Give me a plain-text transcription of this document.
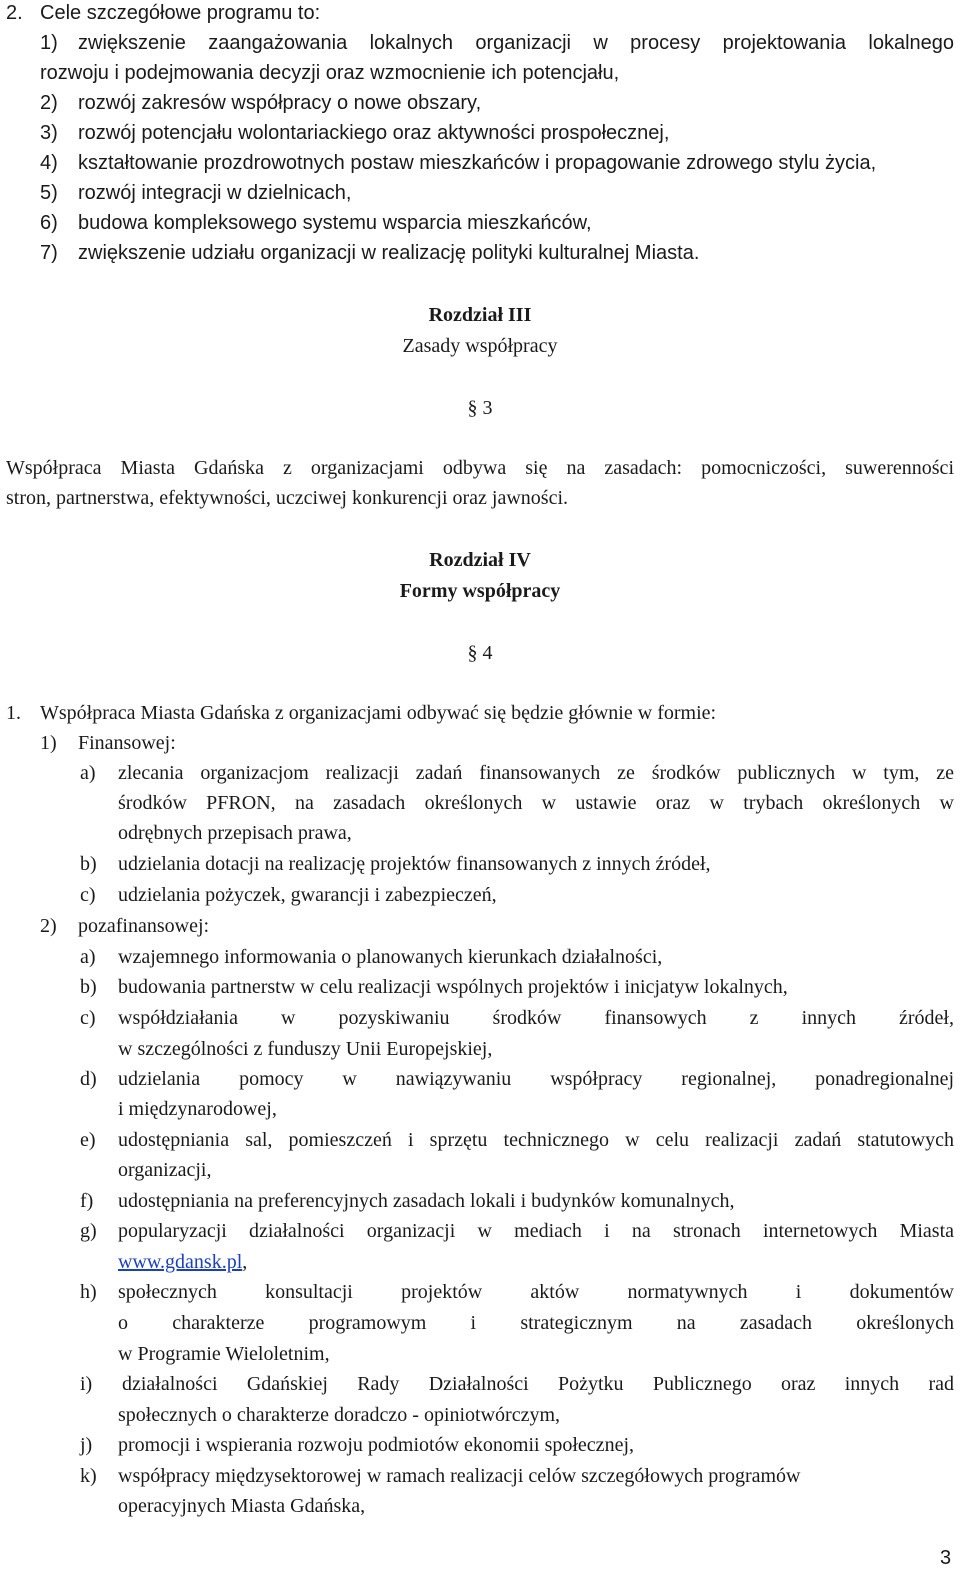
2. Cele szczegółowe programu to:
1) zwiększenie zaangażowania lokalnych organizacji w procesy projektowania lokalnego
rozwoju i podejmowania decyzji oraz wzmocnienie ich potencjału,
2) rozwój zakresów współpracy o nowe obszary,
3) rozwój potencjału wolontariackiego oraz aktywności prospołecznej,
4) kształtowanie prozdrowotnych postaw mieszkańców i propagowanie zdrowego stylu życia,
5) rozwój integracji w dzielnicach,
6) budowa kompleksowego systemu wsparcia mieszkańców,
7) zwiększenie udziału organizacji w realizację polityki kulturalnej Miasta.
Rozdział III
Zasady współpracy
§ 3
Współpraca Miasta Gdańska z organizacjami odbywa się na zasadach: pomocniczości, suwerenności
stron, partnerstwa, efektywności, uczciwej konkurencji oraz jawności.
Rozdział IV
Formy współpracy
§ 4
1. Współpraca Miasta Gdańska z organizacjami odbywać się będzie głównie w formie:
1) Finansowej:
a) zlecania organizacjom realizacji zadań finansowanych ze środków publicznych w tym, ze
środków PFRON, na zasadach określonych w ustawie oraz w trybach określonych w
odrębnych przepisach prawa,
b) udzielania dotacji na realizację projektów finansowanych z innych źródeł,
c) udzielania pożyczek, gwarancji i zabezpieczeń,
2) pozafinansowej:
a) wzajemnego informowania o planowanych kierunkach działalności,
b) budowania partnerstw w celu realizacji wspólnych projektów i inicjatyw lokalnych,
c) współdziałania w pozyskiwaniu środków finansowych z innych źródeł,
w szczególności z funduszy Unii Europejskiej,
d) udzielania pomocy w nawiązywaniu współpracy regionalnej, ponadregionalnej
i międzynarodowej,
e) udostępniania sal, pomieszczeń i sprzętu technicznego w celu realizacji zadań statutowych
organizacji,
f) udostępniania na preferencyjnych zasadach lokali i budynków komunalnych,
g) popularyzacji działalności organizacji w mediach i na stronach internetowych Miasta
www.gdansk.pl,
h) społecznych konsultacji projektów aktów normatywnych i dokumentów
o charakterze programowym i strategicznym na zasadach określonych
w Programie Wieloletnim,
i) działalności Gdańskiej Rady Działalności Pożytku Publicznego oraz innych rad
społecznych o charakterze doradczo - opiniotwórczym,
j) promocji i wspierania rozwoju podmiotów ekonomii społecznej,
k) współpracy międzysektorowej w ramach realizacji celów szczegółowych programów
operacyjnych Miasta Gdańska,
3
